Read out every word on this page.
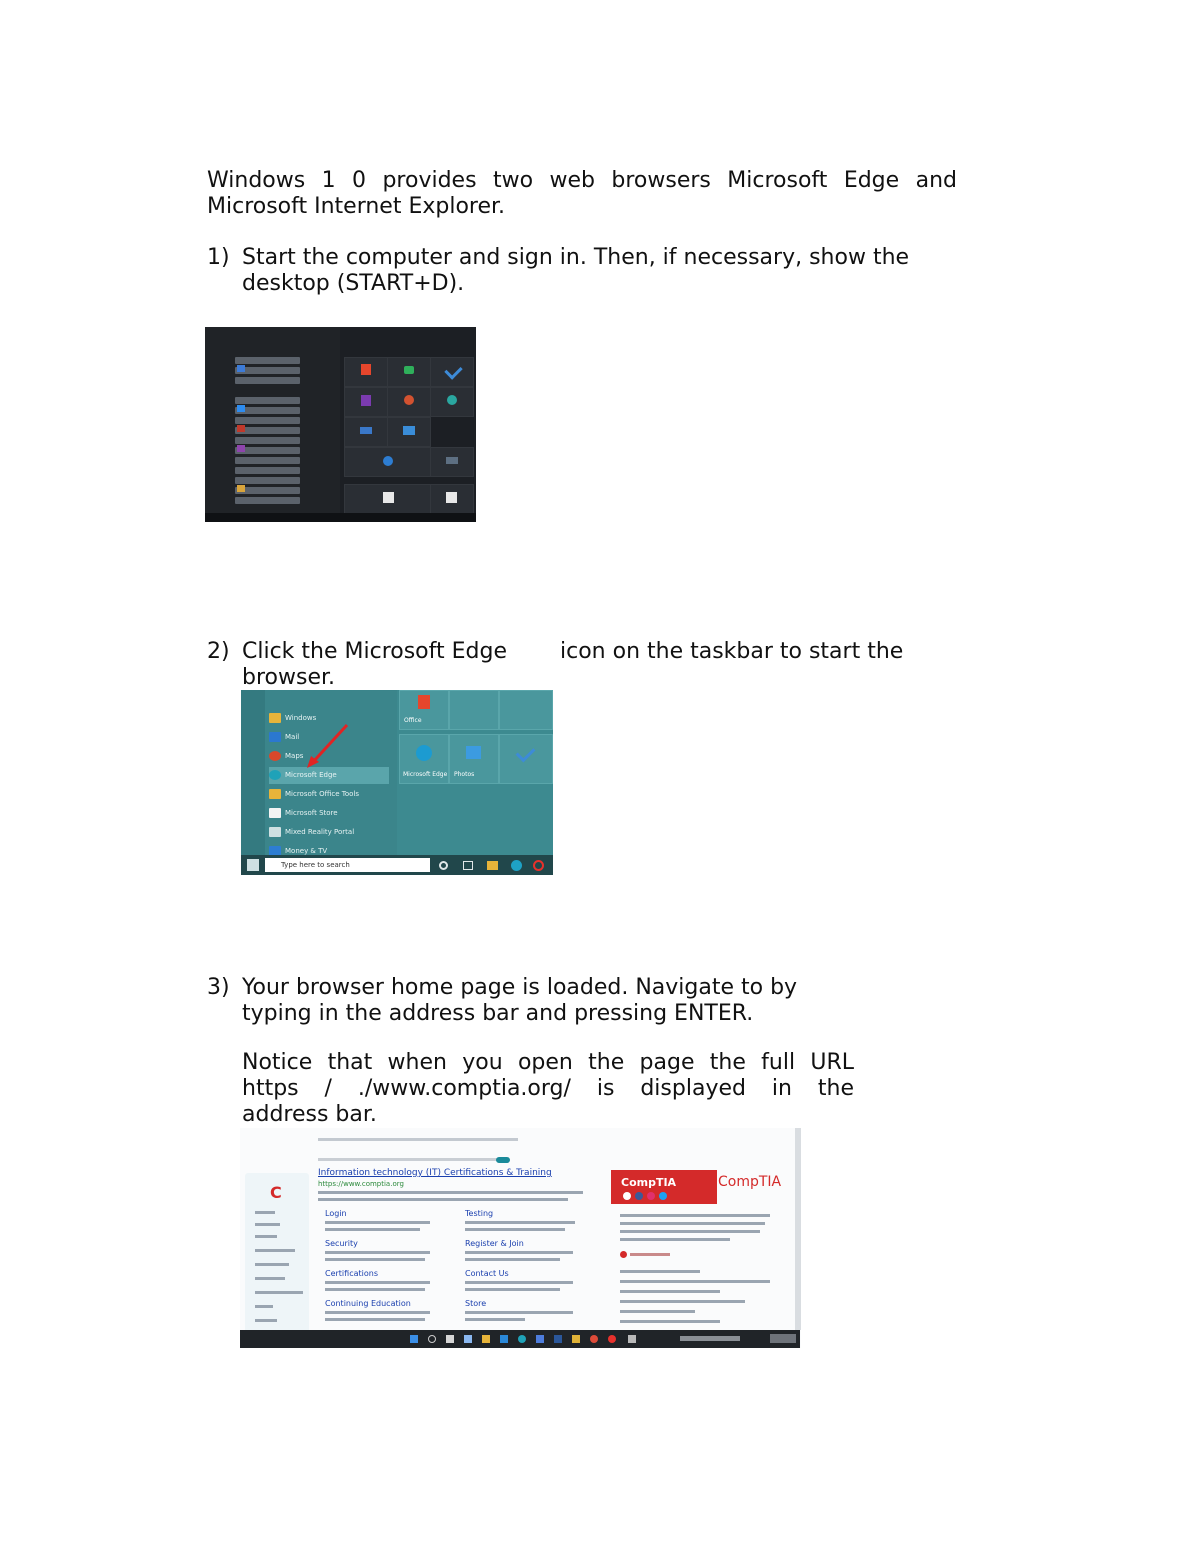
Windows 1 0 provides two web browsers Microsoft Edge and

Microsoft Internet Explorer.

1) Start the computer and sign in. Then, if necessary, show the

desktop (START+D).

2) Click the Microsoft Edge icon on the taskbar to start the

browser.

Windows
Mail
Maps
Microsoft Edge
Microsoft Office Tools
Microsoft Store
Mixed Reality Portal
Money & TV
Office
Microsoft Edge Photos
Type here to search
3) Your browser home page is loaded. Navigate to by

typing in the address bar and pressing ENTER.

Notice that when you open the page the full URL

https / ./www.comptia.org/ is displayed in the

address bar.

C
Information technology (IT) Certifications & Training
https://www.comptia.org
Login	Testing
Security	Register & Join
Certifications	Contact Us
Continuing Education	Store
CompTIA	CompTIA
